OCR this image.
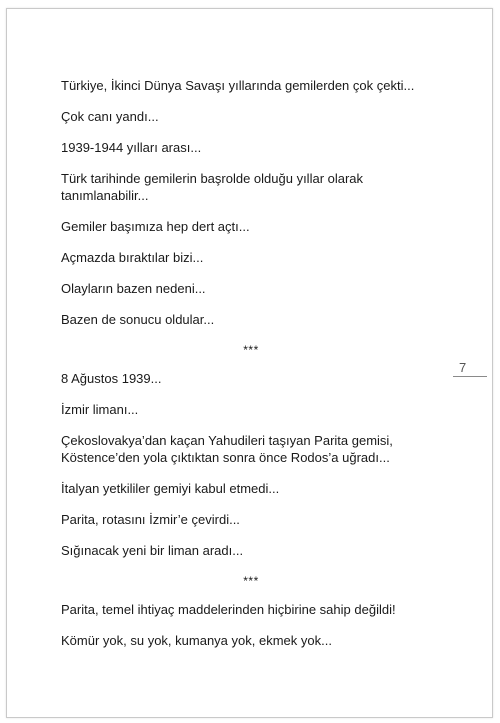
Türkiye, İkinci Dünya Savaşı yıllarında gemilerden çok çekti...

Çok canı yandı...

1939-1944 yılları arası...

Türk tarihinde gemilerin başrolde olduğu yıllar olarak tanımlanabilir...

Gemiler başımıza hep dert açtı...

Açmazda bıraktılar bizi...

Olayların bazen nedeni...

Bazen de sonucu oldular...

***

8 Ağustos 1939...

İzmir limanı...

Çekoslovakya’dan kaçan Yahudileri taşıyan Parita gemisi, Köstence’den yola çıktıktan sonra önce Rodos’a uğradı...

İtalyan yetkililer gemiyi kabul etmedi...

Parita, rotasını İzmir’e çevirdi...

Sığınacak yeni bir liman aradı...

***

Parita, temel ihtiyaç maddelerinden hiçbirine sahip değildi!

Kömür yok, su yok, kumanya yok, ekmek yok...

7
